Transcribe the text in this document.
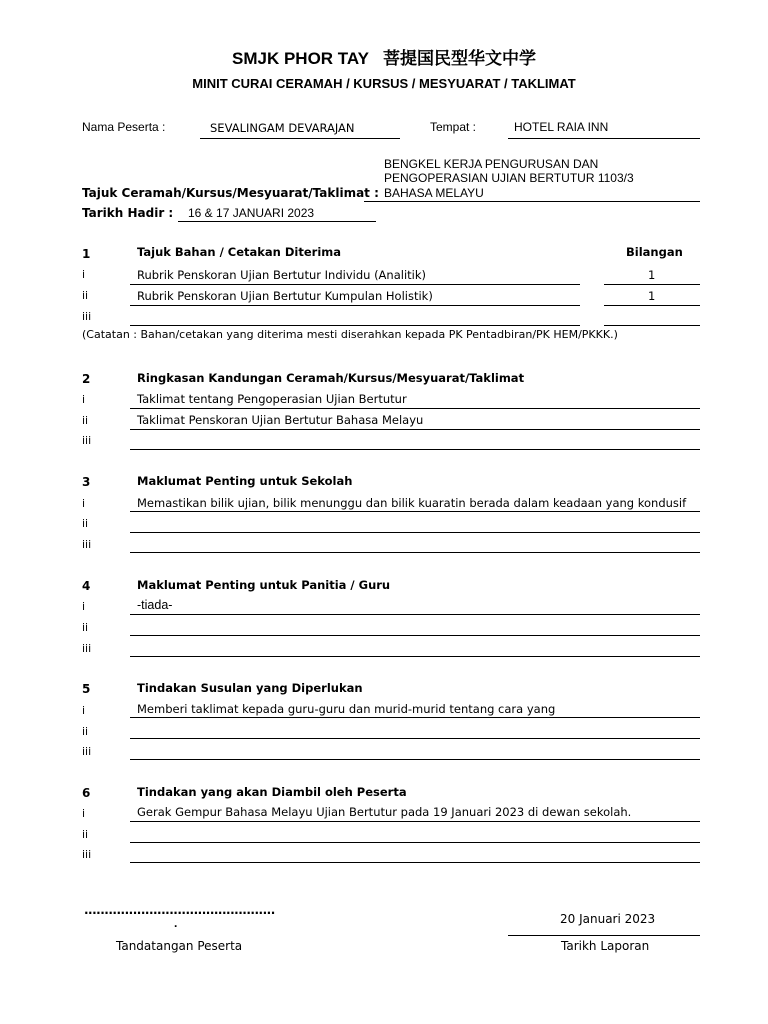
SMJK PHOR TAY 菩提国民型华文中学
MINIT CURAI CERAMAH / KURSUS / MESYUARAT / TAKLIMAT
Nama Peserta :	SEVALINGAM DEVARAJAN	Tempat :	HOTEL RAIA INN
BENGKEL KERJA PENGURUSAN DAN
PENGOPERASIAN UJIAN BERTUTUR 1103/3
BAHASA MELAYU
Tajuk Ceramah/Kursus/Mesyuarat/Taklimat :
Tarikh Hadir : 16 & 17 JANUARI 2023
1	Tajuk Bahan / Cetakan Diterima	Bilangan
i	Rubrik Penskoran Ujian Bertutur Individu (Analitik)	1
ii	Rubrik Penskoran Ujian Bertutur Kumpulan Holistik)	1
iii
(Catatan : Bahan/cetakan yang diterima mesti diserahkan kepada PK Pentadbiran/PK HEM/PKKK.)
2	Ringkasan Kandungan Ceramah/Kursus/Mesyuarat/Taklimat
i	Taklimat tentang Pengoperasian Ujian Bertutur
ii	Taklimat Penskoran Ujian Bertutur Bahasa Melayu
iii
3	Maklumat Penting untuk Sekolah
i	Memastikan bilik ujian, bilik menunggu dan bilik kuaratin berada dalam keadaan yang kondusif
ii
iii
4	Maklumat Penting untuk Panitia / Guru
i	-tiada-
ii
iii
5	Tindakan Susulan yang Diperlukan
i	Memberi taklimat kepada guru-guru dan murid-murid tentang cara yang
ii
iii
6	Tindakan yang akan Diambil oleh Peserta
i	Gerak Gempur Bahasa Melayu Ujian Bertutur pada 19 Januari 2023 di dewan sekolah.
ii
iii
...............................................
.
Tandatangan Peserta
20 Januari 2023
Tarikh Laporan
